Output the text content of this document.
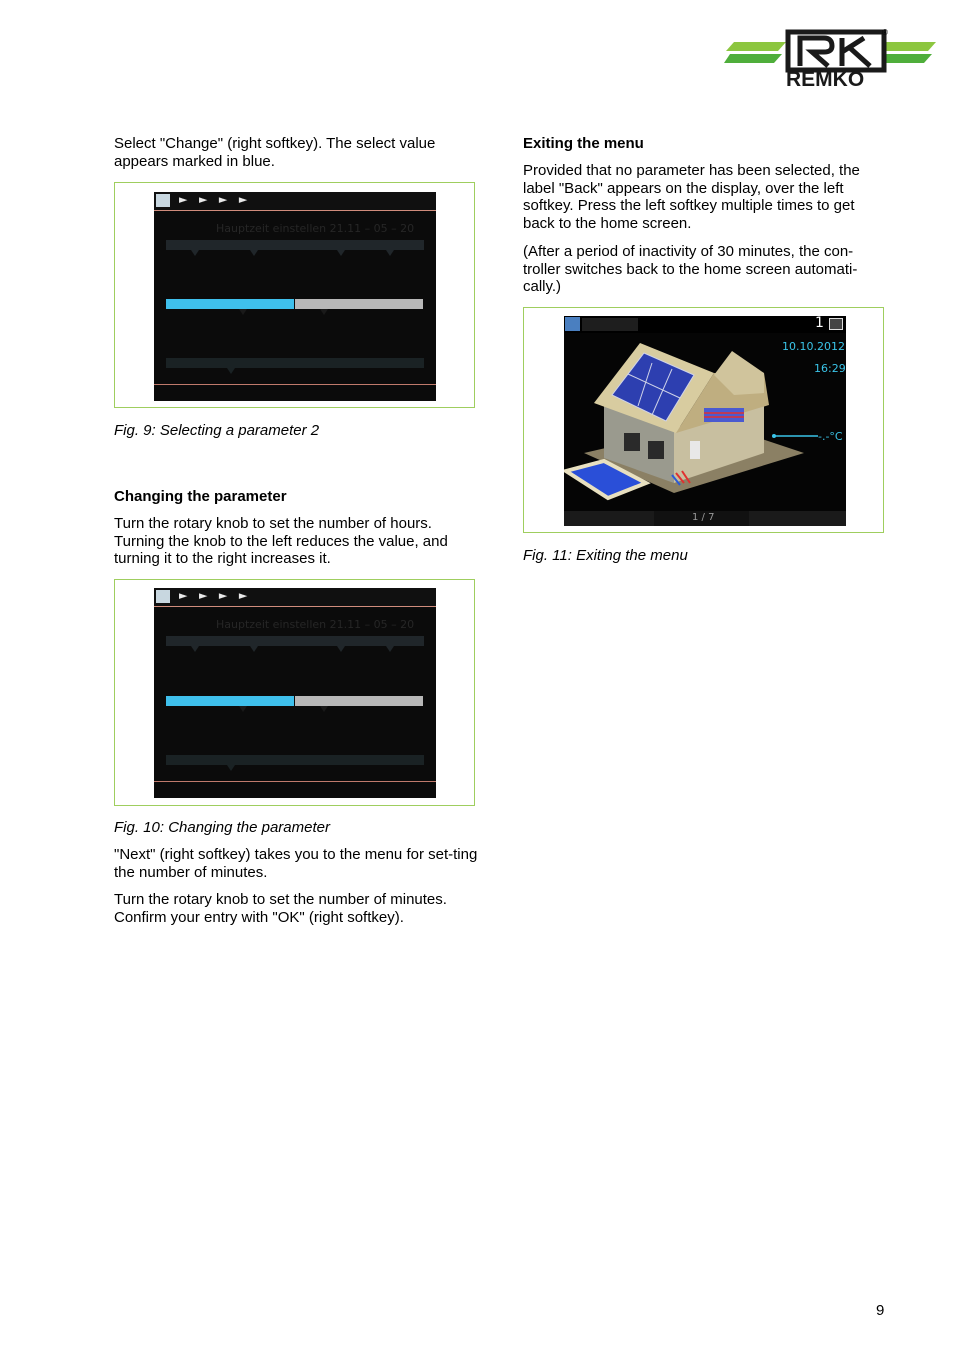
REMKO
®

Select "Change" (right softkey). The select value appears marked in blue.

► ► ► ►
Hauptzeit einstellen 21.11 – 05 – 20

Fig. 9: Selecting a parameter 2

Changing the parameter

Turn the rotary knob to set the number of hours. Turning the knob to the left reduces the value, and turning it to the right increases it.

► ► ► ►
Hauptzeit einstellen 21.11 – 05 – 20

Fig. 10: Changing the parameter

"Next" (right softkey) takes you to the menu for set-ting the number of minutes.

Turn the rotary knob to set the number of minutes. Confirm your entry with "OK" (right softkey).

Exiting the menu

Provided that no parameter has been selected, the label "Back" appears on the display, over the left softkey. Press the left softkey multiple times to get back to the home screen.

(After a period of inactivity of 30 minutes, the con-troller switches back to the home screen automati-cally.)

1
10.10.2012
16:29
-.-°C
1 / 7

Fig. 11: Exiting the menu

9
